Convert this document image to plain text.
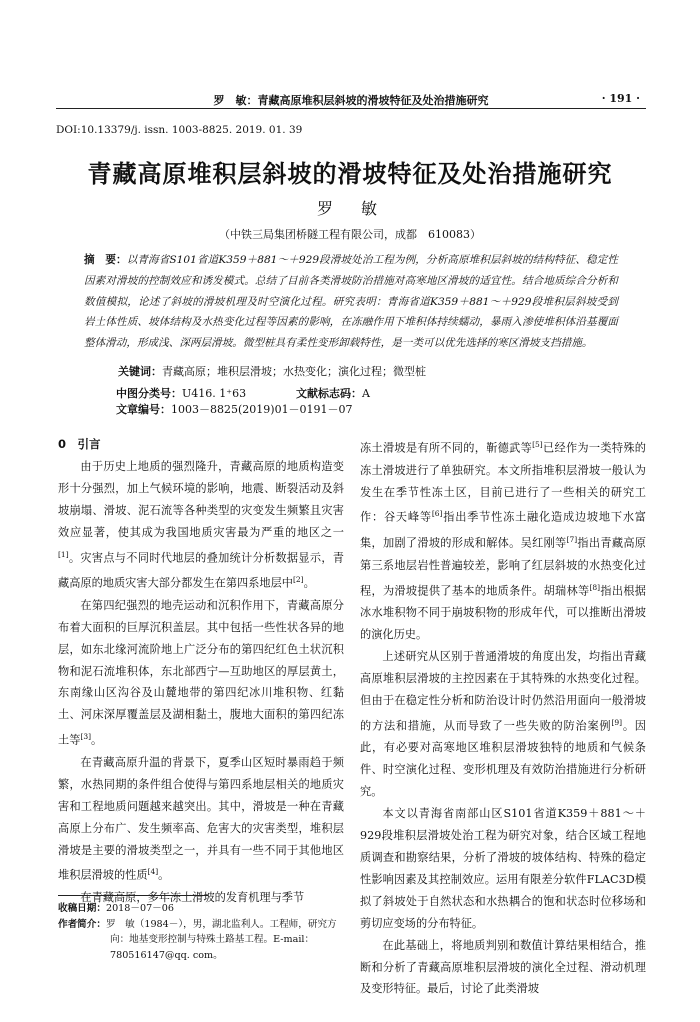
罗　敏：青藏高原堆积层斜坡的滑坡特征及处治措施研究	· 191 ·
DOI:10.13379/j. issn. 1003-8825. 2019. 01. 39
青藏高原堆积层斜坡的滑坡特征及处治措施研究
罗　敏
（中铁三局集团桥隧工程有限公司，成都　610083）
摘　要：以青海省S101省道K359＋881～＋929段滑坡处治工程为例，分析高原堆积层斜坡的结构特征、稳定性因素对滑坡的控制效应和诱发模式。总结了目前各类滑坡防治措施对高寒地区滑坡的适宜性。结合地质综合分析和数值模拟，论述了斜坡的滑坡机理及时空演化过程。研究表明：青海省道K359＋881～＋929段堆积层斜坡受到岩土体性质、坡体结构及水热变化过程等因素的影响，在冻融作用下堆积体持续蠕动，暴雨入渗使堆积体沿基覆面整体滑动，形成浅、深两层滑坡。微型桩具有柔性变形卸载特性，是一类可以优先选择的寒区滑坡支挡措施。
关键词：青藏高原；堆积层滑坡；水热变化；演化过程；微型桩
中图分类号：U416. 1⁺63	文献标志码：A文章编号：1003－8825(2019)01－0191－07

0　引言

由于历史上地质的强烈隆升，青藏高原的地质构造变形十分强烈，加上气候环境的影响，地震、断裂活动及斜坡崩塌、滑坡、泥石流等各种类型的灾变发生频繁且灾害效应显著，使其成为我国地质灾害最为严重的地区之一[1]。灾害点与不同时代地层的叠加统计分析数据显示，青藏高原的地质灾害大部分都发生在第四系地层中[2]。

在第四纪强烈的地壳运动和沉积作用下，青藏高原分布着大面积的巨厚沉积盖层。其中包括一些性状各异的地层，如东北缘河流阶地上广泛分布的第四纪红色土状沉积物和泥石流堆积体，东北部西宁—互助地区的厚层黄土，东南缘山区沟谷及山麓地带的第四纪冰川堆积物、红黏土、河床深厚覆盖层及湖相黏土，腹地大面积的第四纪冻土等[3]。

在青藏高原升温的背景下，夏季山区短时暴雨趋于频繁，水热同期的条件组合使得与第四系地层相关的地质灾害和工程地质问题越来越突出。其中，滑坡是一种在青藏高原上分布广、发生频率高、危害大的灾害类型，堆积层滑坡是主要的滑坡类型之一，并具有一些不同于其他地区堆积层滑坡的性质[4]。

在青藏高原，多年冻土滑坡的发育机理与季节

冻土滑坡是有所不同的，靳德武等[5]已经作为一类特殊的冻土滑坡进行了单独研究。本文所指堆积层滑坡一般认为发生在季节性冻土区，目前已进行了一些相关的研究工作：谷天峰等[6]指出季节性冻土融化造成边坡地下水富集，加剧了滑坡的形成和解体。吴红刚等[7]指出青藏高原第三系地层岩性普遍较差，影响了红层斜坡的水热变化过程，为滑坡提供了基本的地质条件。胡瑞林等[8]指出根据冰水堆积物不同于崩坡积物的形成年代，可以推断出滑坡的演化历史。

上述研究从区别于普通滑坡的角度出发，均指出青藏高原堆积层滑坡的主控因素在于其特殊的水热变化过程。但由于在稳定性分析和防治设计时仍然沿用面向一般滑坡的方法和措施，从而导致了一些失败的防治案例[9]。因此，有必要对高寒地区堆积层滑坡独特的地质和气候条件、时空演化过程、变形机理及有效防治措施进行分析研究。

本文以青海省南部山区S101省道K359＋881～＋929段堆积层滑坡处治工程为研究对象，结合区域工程地质调查和勘察结果，分析了滑坡的坡体结构、特殊的稳定性影响因素及其控制效应。运用有限差分软件FLAC3D模拟了斜坡处于自然状态和水热耦合的饱和状态时位移场和剪切应变场的分布特征。

在此基础上，将地质判别和数值计算结果相结合，推断和分析了青藏高原堆积层滑坡的演化全过程、滑动机理及变形特征。最后，讨论了此类滑坡

收稿日期：2018－07－06
作者简介：罗　敏（1984－），男，湖北监利人。工程师，研究方
向：地基变形控制与特殊土路基工程。E-mail：
780516147@qq. com。
